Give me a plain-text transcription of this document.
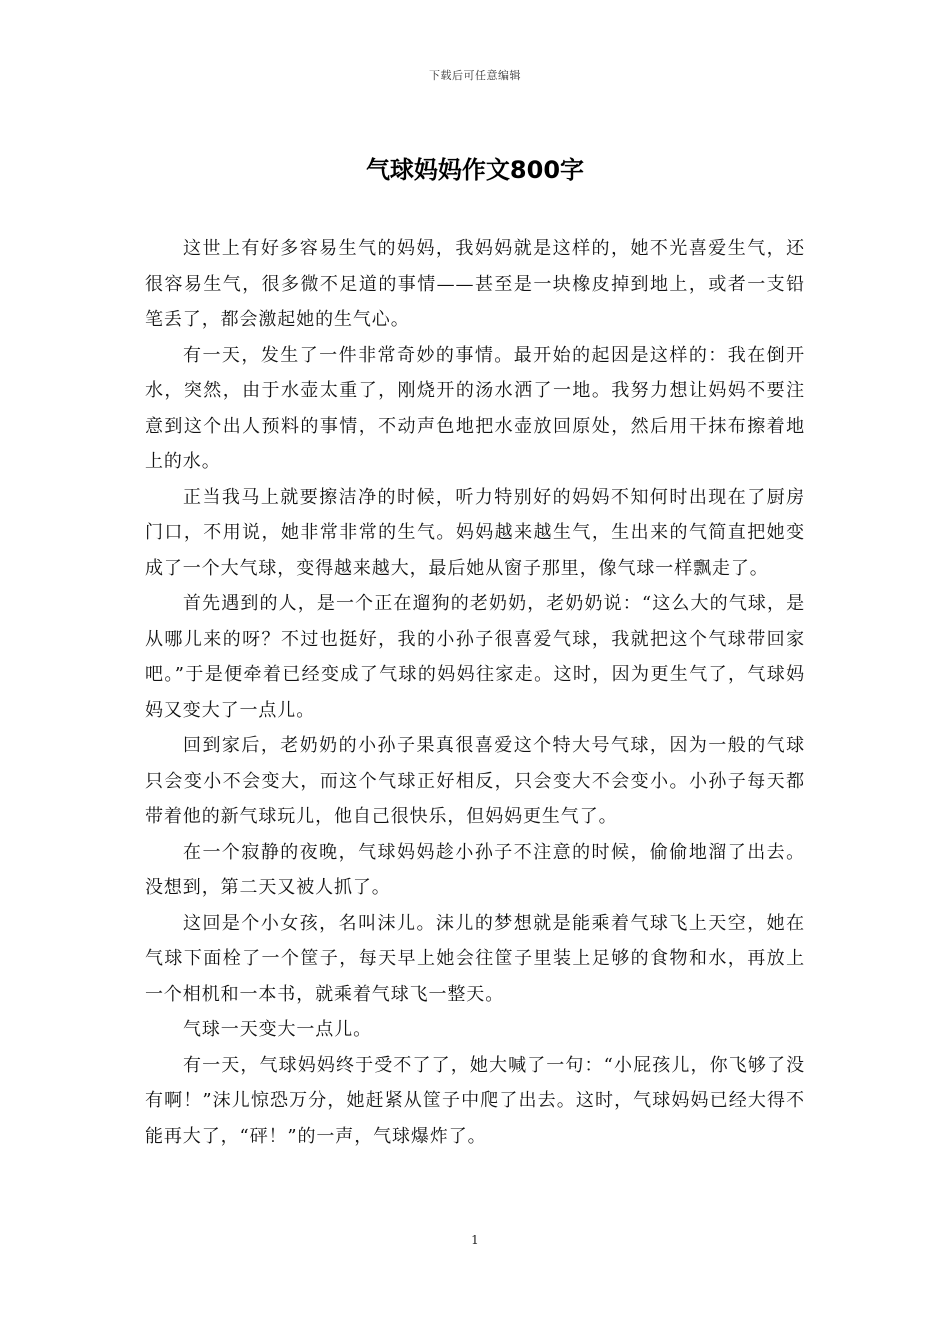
下载后可任意编辑
气球妈妈作文800字

这世上有好多容易生气的妈妈，我妈妈就是这样的，她不光喜爱生气，还很容易生气，很多微不足道的事情——甚至是一块橡皮掉到地上，或者一支铅笔丢了，都会激起她的生气心。

有一天，发生了一件非常奇妙的事情。最开始的起因是这样的：我在倒开水，突然，由于水壶太重了，刚烧开的汤水洒了一地。我努力想让妈妈不要注意到这个出人预料的事情，不动声色地把水壶放回原处，然后用干抹布擦着地上的水。

正当我马上就要擦洁净的时候，听力特别好的妈妈不知何时出现在了厨房门口，不用说，她非常非常的生气。妈妈越来越生气，生出来的气简直把她变成了一个大气球，变得越来越大，最后她从窗子那里，像气球一样飘走了。

首先遇到的人，是一个正在遛狗的老奶奶，老奶奶说：“这么大的气球，是从哪儿来的呀？不过也挺好，我的小孙子很喜爱气球，我就把这个气球带回家吧。”于是便牵着已经变成了气球的妈妈往家走。这时，因为更生气了，气球妈妈又变大了一点儿。

回到家后，老奶奶的小孙子果真很喜爱这个特大号气球，因为一般的气球只会变小不会变大，而这个气球正好相反，只会变大不会变小。小孙子每天都带着他的新气球玩儿，他自己很快乐，但妈妈更生气了。

在一个寂静的夜晚，气球妈妈趁小孙子不注意的时候，偷偷地溜了出去。没想到，第二天又被人抓了。

这回是个小女孩，名叫沫儿。沫儿的梦想就是能乘着气球飞上天空，她在气球下面栓了一个筐子，每天早上她会往筐子里装上足够的食物和水，再放上一个相机和一本书，就乘着气球飞一整天。

气球一天变大一点儿。

有一天，气球妈妈终于受不了了，她大喊了一句：“小屁孩儿，你飞够了没有啊！”沫儿惊恐万分，她赶紧从筐子中爬了出去。这时，气球妈妈已经大得不能再大了，“砰！”的一声，气球爆炸了。

1
